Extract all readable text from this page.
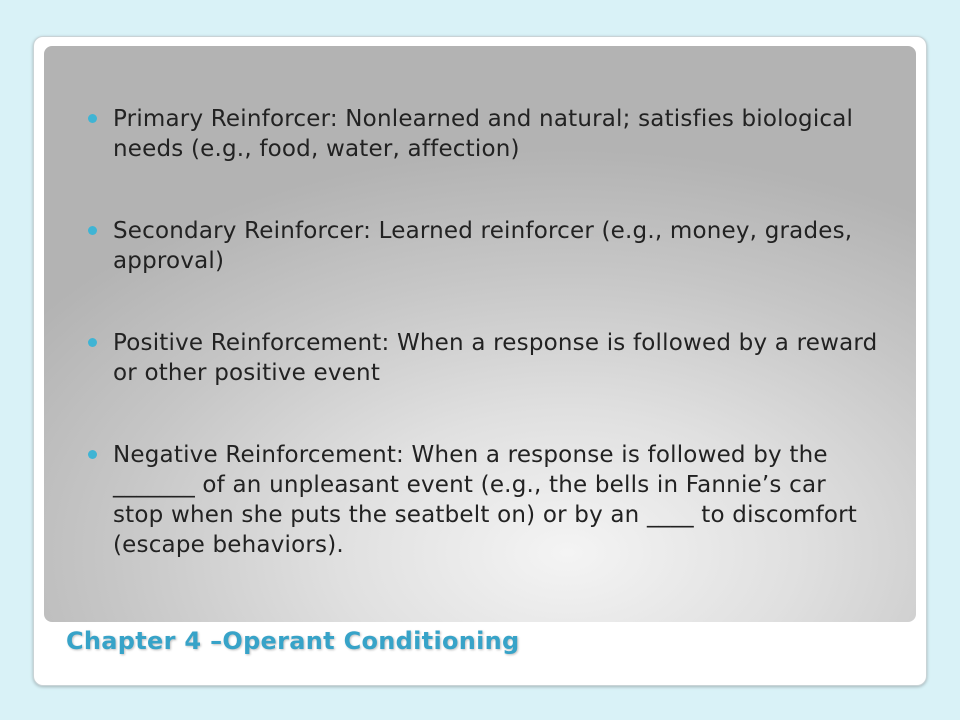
Primary Reinforcer: Nonlearned and natural; satisfies biological needs (e.g., food, water, affection)
Secondary Reinforcer: Learned reinforcer (e.g., money, grades, approval)
Positive Reinforcement: When a response is followed by a reward or other positive event
Negative Reinforcement: When a response is followed by the _______ of an unpleasant event (e.g., the bells in Fannie’s car stop when she puts the seatbelt on) or by an ____ to discomfort (escape behaviors).
Chapter 4 –Operant Conditioning
